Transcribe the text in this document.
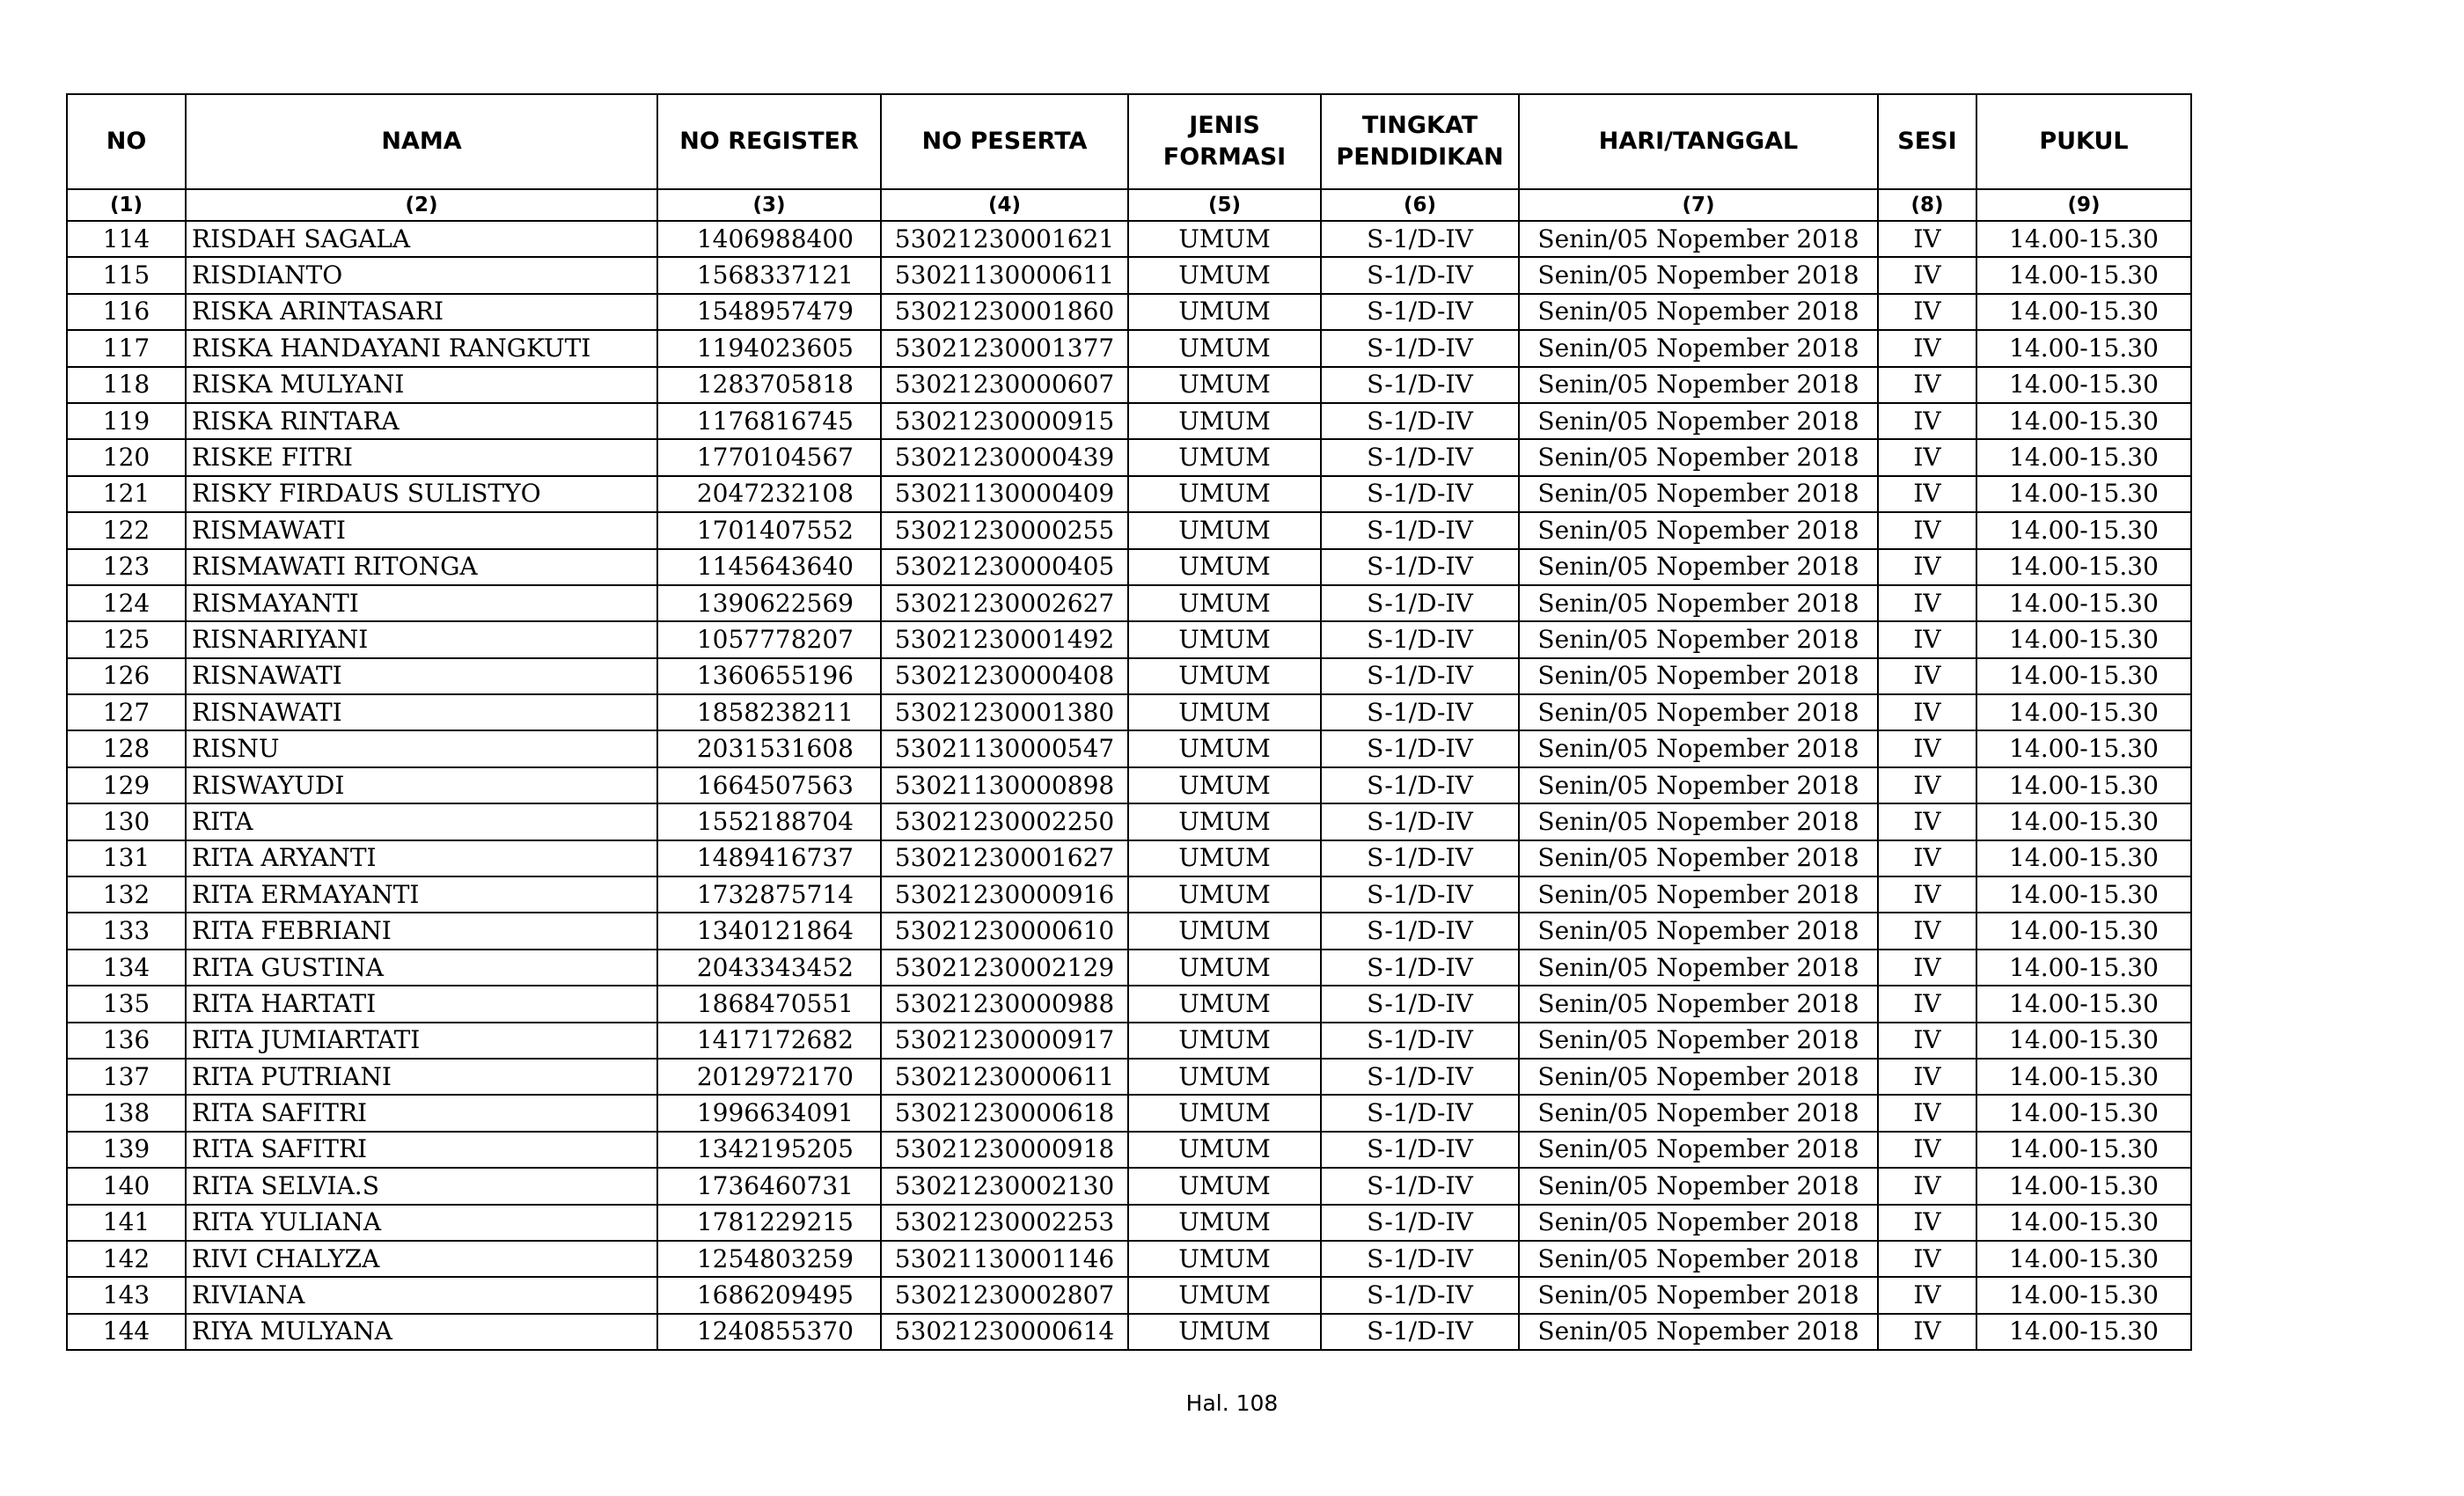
NO	NAMA	NO REGISTER	NO PESERTA	JENIS FORMASI	TINGKAT PENDIDIKAN	HARI/TANGGAL	SESI	PUKUL
(1)	(2)	(3)	(4)	(5)	(6)	(7)	(8)	(9)
114	RISDAH SAGALA	1406988400	53021230001621	UMUM	S-1/D-IV	Senin/05 Nopember 2018	IV	14.00-15.30
115	RISDIANTO	1568337121	53021130000611	UMUM	S-1/D-IV	Senin/05 Nopember 2018	IV	14.00-15.30
116	RISKA ARINTASARI	1548957479	53021230001860	UMUM	S-1/D-IV	Senin/05 Nopember 2018	IV	14.00-15.30
117	RISKA HANDAYANI RANGKUTI	1194023605	53021230001377	UMUM	S-1/D-IV	Senin/05 Nopember 2018	IV	14.00-15.30
118	RISKA MULYANI	1283705818	53021230000607	UMUM	S-1/D-IV	Senin/05 Nopember 2018	IV	14.00-15.30
119	RISKA RINTARA	1176816745	53021230000915	UMUM	S-1/D-IV	Senin/05 Nopember 2018	IV	14.00-15.30
120	RISKE FITRI	1770104567	53021230000439	UMUM	S-1/D-IV	Senin/05 Nopember 2018	IV	14.00-15.30
121	RISKY FIRDAUS SULISTYO	2047232108	53021130000409	UMUM	S-1/D-IV	Senin/05 Nopember 2018	IV	14.00-15.30
122	RISMAWATI	1701407552	53021230000255	UMUM	S-1/D-IV	Senin/05 Nopember 2018	IV	14.00-15.30
123	RISMAWATI RITONGA	1145643640	53021230000405	UMUM	S-1/D-IV	Senin/05 Nopember 2018	IV	14.00-15.30
124	RISMAYANTI	1390622569	53021230002627	UMUM	S-1/D-IV	Senin/05 Nopember 2018	IV	14.00-15.30
125	RISNARIYANI	1057778207	53021230001492	UMUM	S-1/D-IV	Senin/05 Nopember 2018	IV	14.00-15.30
126	RISNAWATI	1360655196	53021230000408	UMUM	S-1/D-IV	Senin/05 Nopember 2018	IV	14.00-15.30
127	RISNAWATI	1858238211	53021230001380	UMUM	S-1/D-IV	Senin/05 Nopember 2018	IV	14.00-15.30
128	RISNU	2031531608	53021130000547	UMUM	S-1/D-IV	Senin/05 Nopember 2018	IV	14.00-15.30
129	RISWAYUDI	1664507563	53021130000898	UMUM	S-1/D-IV	Senin/05 Nopember 2018	IV	14.00-15.30
130	RITA	1552188704	53021230002250	UMUM	S-1/D-IV	Senin/05 Nopember 2018	IV	14.00-15.30
131	RITA ARYANTI	1489416737	53021230001627	UMUM	S-1/D-IV	Senin/05 Nopember 2018	IV	14.00-15.30
132	RITA ERMAYANTI	1732875714	53021230000916	UMUM	S-1/D-IV	Senin/05 Nopember 2018	IV	14.00-15.30
133	RITA FEBRIANI	1340121864	53021230000610	UMUM	S-1/D-IV	Senin/05 Nopember 2018	IV	14.00-15.30
134	RITA GUSTINA	2043343452	53021230002129	UMUM	S-1/D-IV	Senin/05 Nopember 2018	IV	14.00-15.30
135	RITA HARTATI	1868470551	53021230000988	UMUM	S-1/D-IV	Senin/05 Nopember 2018	IV	14.00-15.30
136	RITA JUMIARTATI	1417172682	53021230000917	UMUM	S-1/D-IV	Senin/05 Nopember 2018	IV	14.00-15.30
137	RITA PUTRIANI	2012972170	53021230000611	UMUM	S-1/D-IV	Senin/05 Nopember 2018	IV	14.00-15.30
138	RITA SAFITRI	1996634091	53021230000618	UMUM	S-1/D-IV	Senin/05 Nopember 2018	IV	14.00-15.30
139	RITA SAFITRI	1342195205	53021230000918	UMUM	S-1/D-IV	Senin/05 Nopember 2018	IV	14.00-15.30
140	RITA SELVIA.S	1736460731	53021230002130	UMUM	S-1/D-IV	Senin/05 Nopember 2018	IV	14.00-15.30
141	RITA YULIANA	1781229215	53021230002253	UMUM	S-1/D-IV	Senin/05 Nopember 2018	IV	14.00-15.30
142	RIVI CHALYZA	1254803259	53021130001146	UMUM	S-1/D-IV	Senin/05 Nopember 2018	IV	14.00-15.30
143	RIVIANA	1686209495	53021230002807	UMUM	S-1/D-IV	Senin/05 Nopember 2018	IV	14.00-15.30
144	RIYA MULYANA	1240855370	53021230000614	UMUM	S-1/D-IV	Senin/05 Nopember 2018	IV	14.00-15.30
Hal. 108
